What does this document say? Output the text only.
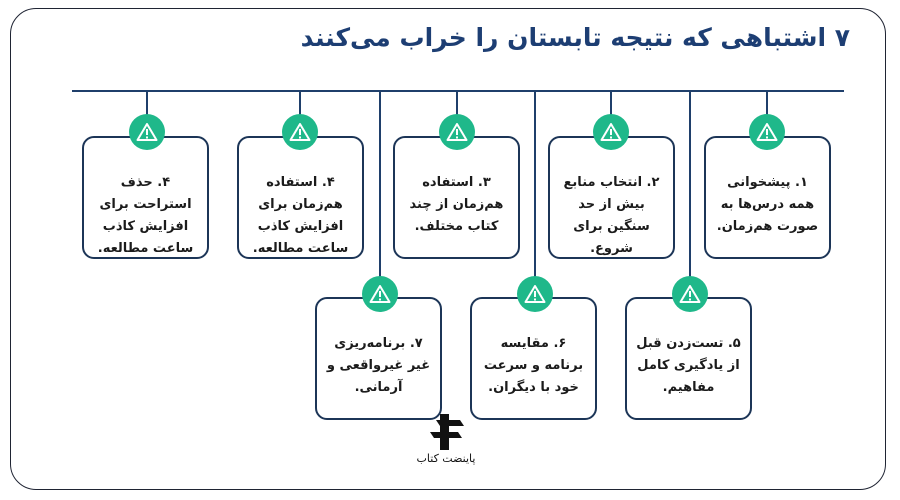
۷ اشتباهی که نتیجه تابستان را خراب می‌کنند
۴. حذف استراحت برای افزایش کاذب ساعت مطالعه.
۴. استفاده هم‌زمان برای افزایش کاذب ساعت مطالعه.
۳. استفاده هم‌زمان از چند کتاب مختلف.
۲. انتخاب منابع بیش از حد سنگین برای شروع.
۱. پیشخوانی همه درس‌ها به صورت هم‌زمان.
۷. برنامه‌ریزی غیر غیرواقعی و آرمانی.
۶. مقایسه برنامه و سرعت خود با دیگران.
۵. تست‌زدن قبل از یادگیری کامل مفاهیم.
پاینضت کتاب
